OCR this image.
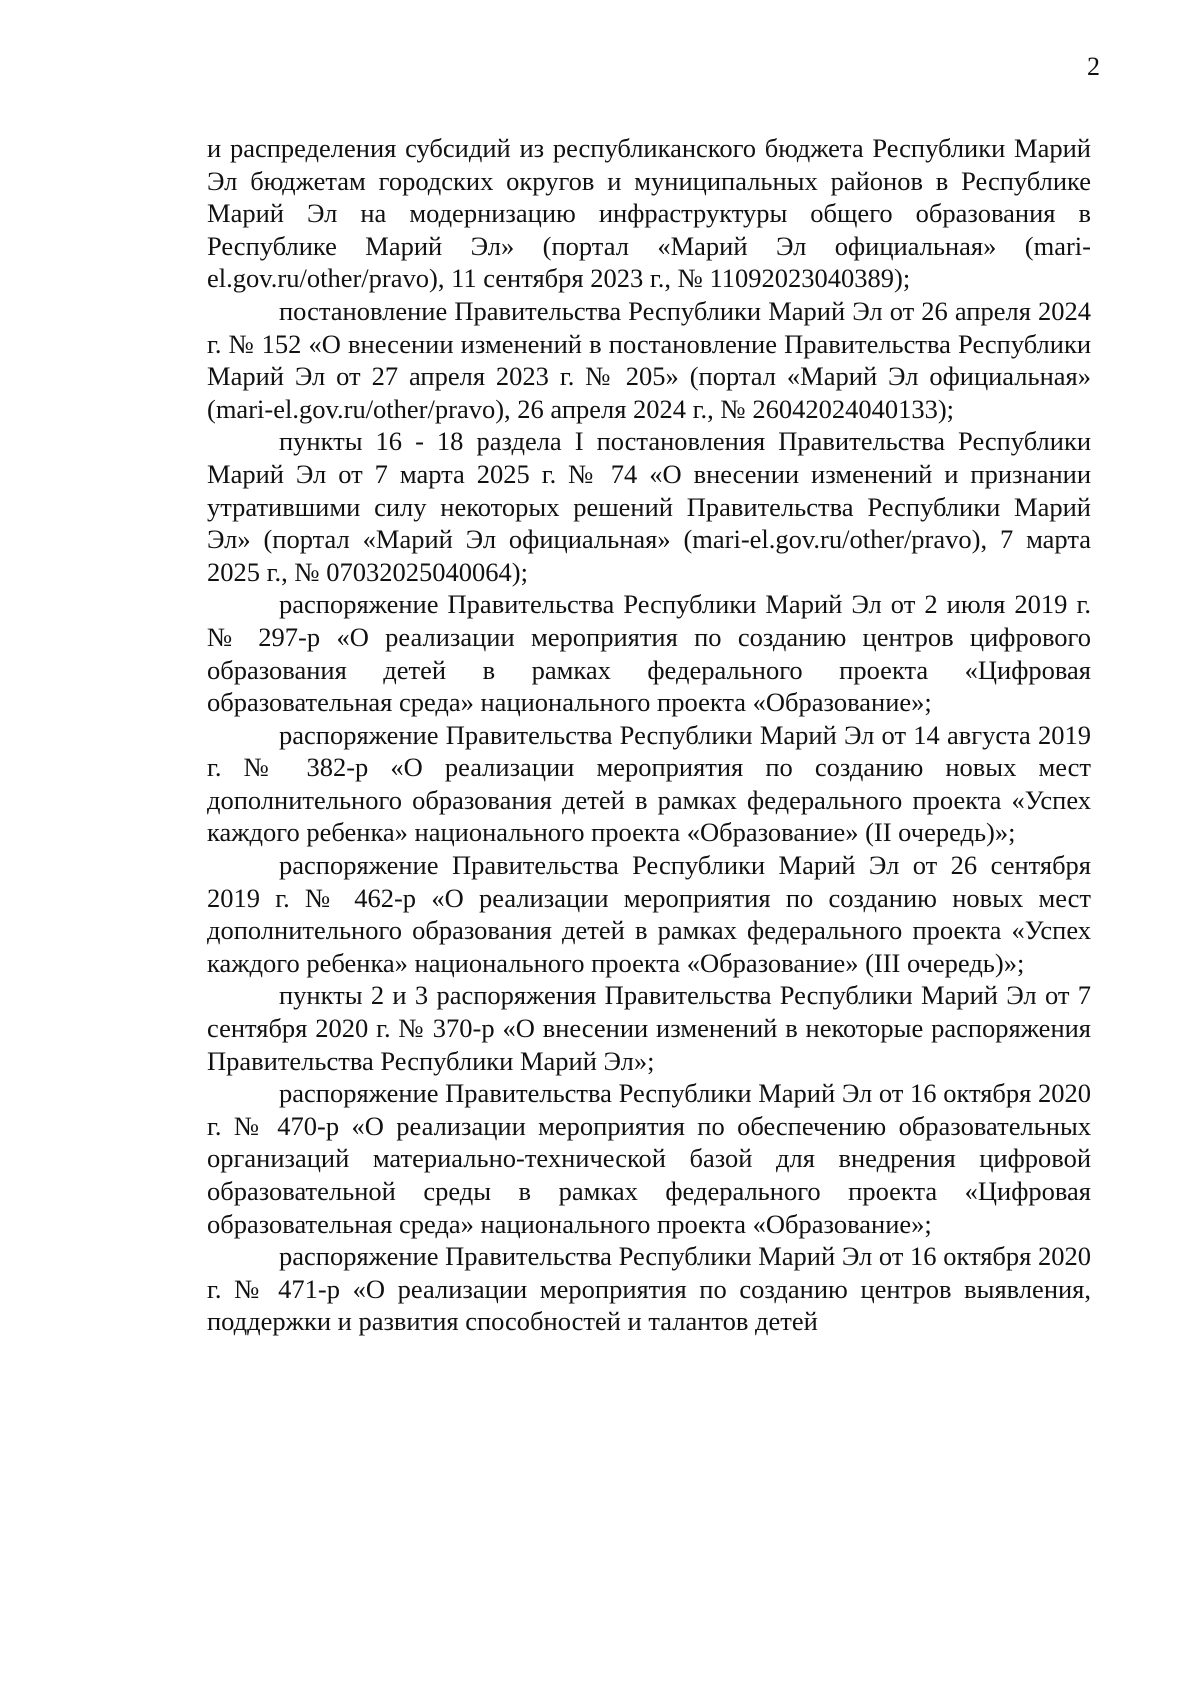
2

и распределения субсидий из республиканского бюджета Республики Марий Эл бюджетам городских округов и муниципальных районов в Республике Марий Эл на модернизацию инфраструктуры общего образования в Республике Марий Эл» (портал «Марий Эл официальная» (mari-el.gov.ru/other/pravo), 11 сентября 2023 г., № 11092023040389);

постановление Правительства Республики Марий Эл от 26 апреля 2024 г. № 152 «О внесении изменений в постановление Правительства Республики Марий Эл от 27 апреля 2023 г. № 205» (портал «Марий Эл официальная» (mari-el.gov.ru/other/pravo), 26 апреля 2024 г., № 26042024040133);

пункты 16 - 18 раздела I постановления Правительства Республики Марий Эл от 7 марта 2025 г. № 74 «О внесении изменений и признании утратившими силу некоторых решений Правительства Республики Марий Эл» (портал «Марий Эл официальная» (mari-el.gov.ru/other/pravo), 7 марта 2025 г., № 07032025040064);

распоряжение Правительства Республики Марий Эл от 2 июля 2019 г. № 297-р «О реализации мероприятия по созданию центров цифрового образования детей в рамках федерального проекта «Цифровая образовательная среда» национального проекта «Образование»;

распоряжение Правительства Республики Марий Эл от 14 августа 2019 г. № 382-р «О реализации мероприятия по созданию новых мест дополнительного образования детей в рамках федерального проекта «Успех каждого ребенка» национального проекта «Образование» (II очередь)»;

распоряжение Правительства Республики Марий Эл от 26 сентября 2019 г. № 462-р «О реализации мероприятия по созданию новых мест дополнительного образования детей в рамках федерального проекта «Успех каждого ребенка» национального проекта «Образование» (III очередь)»;

пункты 2 и 3 распоряжения Правительства Республики Марий Эл от 7 сентября 2020 г. № 370-р «О внесении изменений в некоторые распоряжения Правительства Республики Марий Эл»;

распоряжение Правительства Республики Марий Эл от 16 октября 2020 г. № 470-р «О реализации мероприятия по обеспечению образовательных организаций материально-технической базой для внедрения цифровой образовательной среды в рамках федерального проекта «Цифровая образовательная среда» национального проекта «Образование»;

распоряжение Правительства Республики Марий Эл от 16 октября 2020 г. № 471-р «О реализации мероприятия по созданию центров выявления, поддержки и развития способностей и талантов детей
